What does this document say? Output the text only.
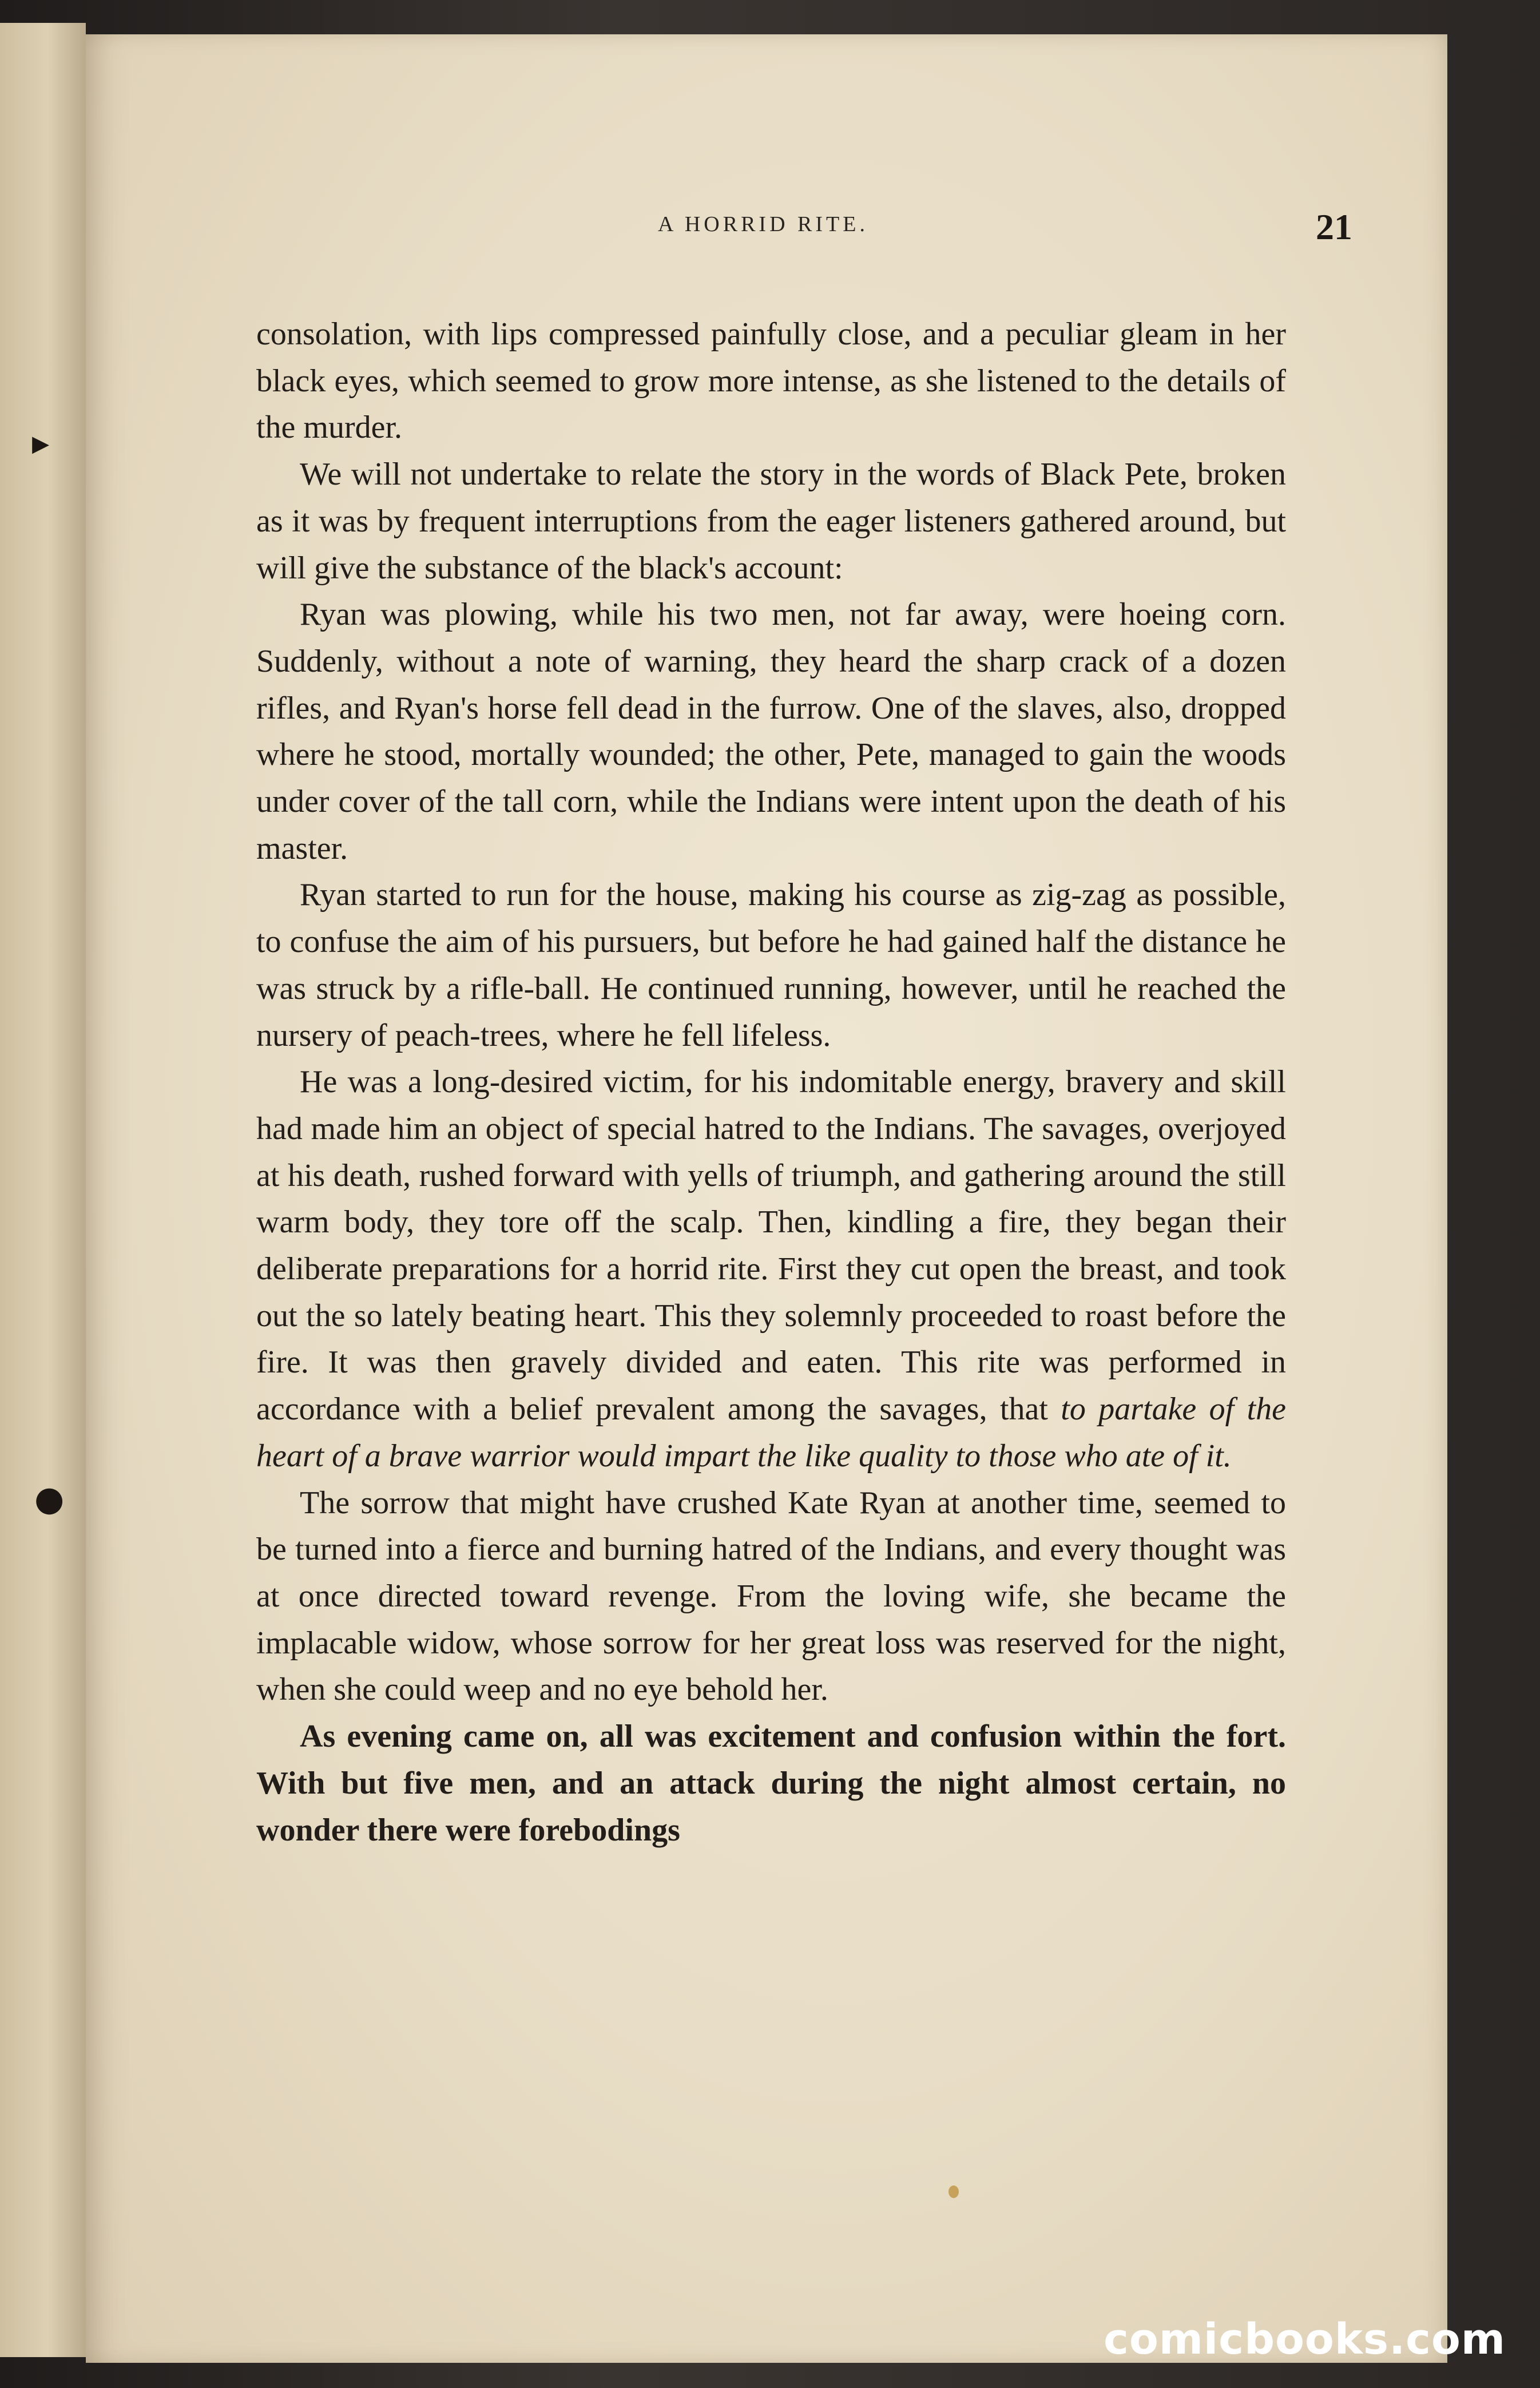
▸
●
A HORRID RITE.	21

consolation, with lips compressed painfully close, and a peculiar gleam in her black eyes, which seemed to grow more intense, as she listened to the details of the murder.

We will not undertake to relate the story in the words of Black Pete, broken as it was by frequent interruptions from the eager listeners gathered around, but will give the substance of the black's account:

Ryan was plowing, while his two men, not far away, were hoeing corn. Suddenly, without a note of warning, they heard the sharp crack of a dozen rifles, and Ryan's horse fell dead in the furrow. One of the slaves, also, dropped where he stood, mortally wounded; the other, Pete, managed to gain the woods under cover of the tall corn, while the Indians were intent upon the death of his master.

Ryan started to run for the house, making his course as zig-zag as possible, to confuse the aim of his pursuers, but before he had gained half the distance he was struck by a rifle-ball. He continued running, however, until he reached the nursery of peach-trees, where he fell lifeless.

He was a long-desired victim, for his indomitable energy, bravery and skill had made him an object of special hatred to the Indians. The savages, overjoyed at his death, rushed forward with yells of triumph, and gathering around the still warm body, they tore off the scalp. Then, kindling a fire, they began their deliberate preparations for a horrid rite. First they cut open the breast, and took out the so lately beating heart. This they solemnly proceeded to roast before the fire. It was then gravely divided and eaten. This rite was performed in accordance with a belief prevalent among the savages, that to partake of the heart of a brave warrior would impart the like quality to those who ate of it.

The sorrow that might have crushed Kate Ryan at another time, seemed to be turned into a fierce and burning hatred of the Indians, and every thought was at once directed toward revenge. From the loving wife, she became the implacable widow, whose sorrow for her great loss was reserved for the night, when she could weep and no eye behold her.

As evening came on, all was excitement and confusion within the fort. With but five men, and an attack during the night almost certain, no wonder there were forebodings

comicbooks.com
